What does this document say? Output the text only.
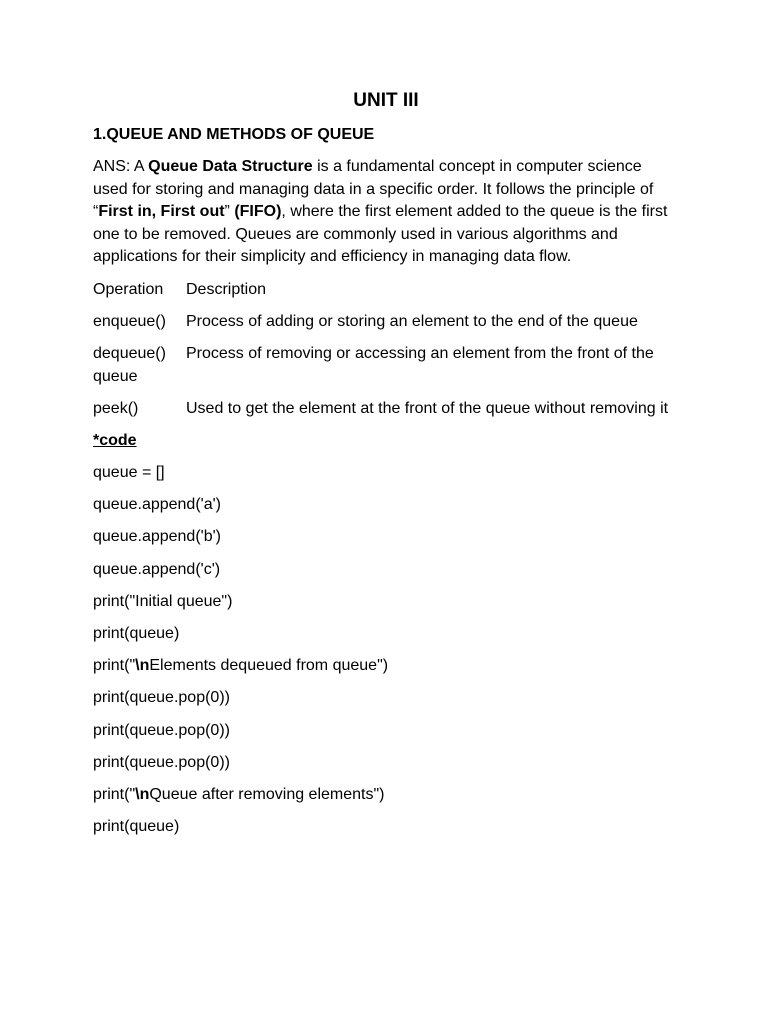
UNIT III
1.QUEUE AND METHODS OF QUEUE

ANS: A Queue Data Structure is a fundamental concept in computer science used for storing and managing data in a specific order. It follows the principle of “First in, First out” (FIFO), where the first element added to the queue is the first one to be removed. Queues are commonly used in various algorithms and applications for their simplicity and efficiency in managing data flow.

Operation Description
enqueue() Process of adding or storing an element to the end of the queue
dequeue() Process of removing or accessing an element from the front of the queue
peek()	Used to get the element at the front of the queue without removing it
*code
queue = []
queue.append('a')
queue.append('b')
queue.append('c')
print("Initial queue")
print(queue)
print("\nElements dequeued from queue")
print(queue.pop(0))
print(queue.pop(0))
print(queue.pop(0))
print("\nQueue after removing elements")
print(queue)
